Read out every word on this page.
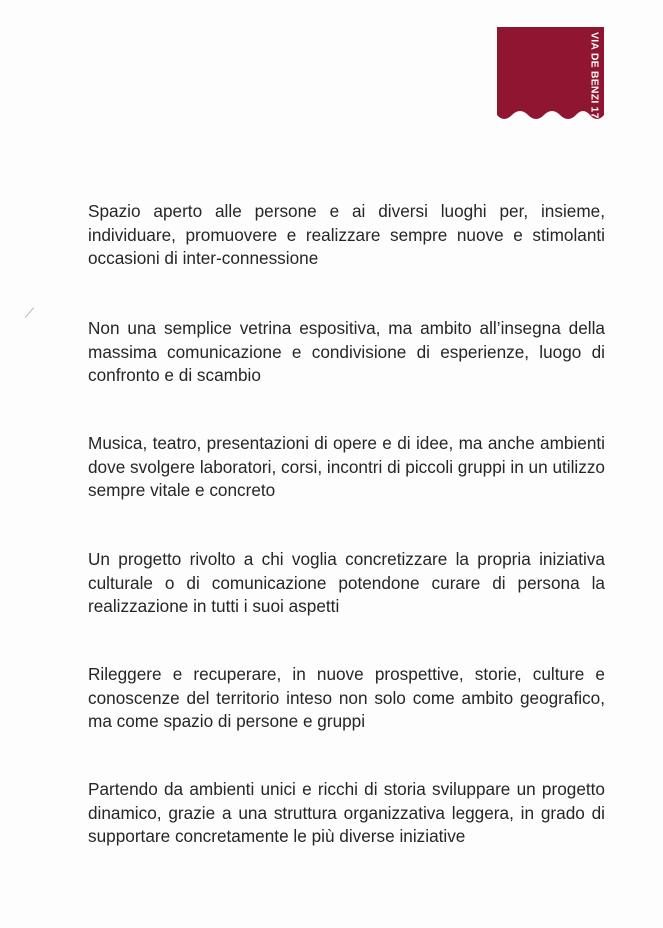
VIA DE BENZI 17

Spazio aperto alle persone e ai diversi luoghi per, insieme, individuare, promuovere e realizzare sempre nuove e stimolanti occasioni di inter-connessione

Non una semplice vetrina espositiva, ma ambito all’insegna della massima comunicazione e condivisione di esperienze, luogo di confronto e di scambio

Musica, teatro, presentazioni di opere e di idee, ma anche ambienti dove svolgere laboratori, corsi, incontri di piccoli gruppi in un utilizzo sempre vitale e concreto

Un progetto rivolto a chi voglia concretizzare la propria iniziativa culturale o di comunicazione potendone curare di persona la realizzazione in tutti i suoi aspetti

Rileggere e recuperare, in nuove prospettive, storie, culture e conoscenze del territorio inteso non solo come ambito geografico, ma come spazio di persone e gruppi

Partendo da ambienti unici e ricchi di storia sviluppare un progetto dinamico, grazie a una struttura organizzativa leggera, in grado di supportare concretamente le più diverse iniziative
